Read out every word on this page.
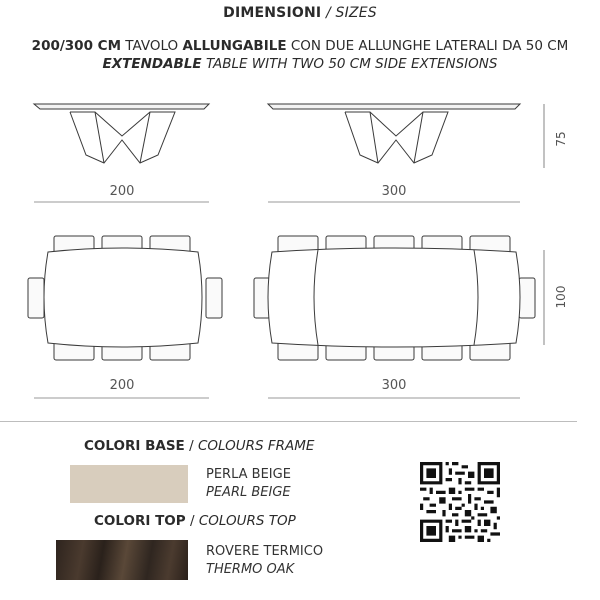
DIMENSIONI / SIZES
200/300 CM TAVOLO ALLUNGABILE CON DUE ALLUNGHE LATERALI DA 50 CM
EXTENDABLE TABLE WITH TWO 50 CM SIDE EXTENSIONS
75
200	300
100
200	300
COLORI BASE / COLOURS FRAME
PERLA BEIGE
PEARL BEIGE
COLORI TOP / COLOURS TOP
ROVERE TERMICO
THERMO OAK
